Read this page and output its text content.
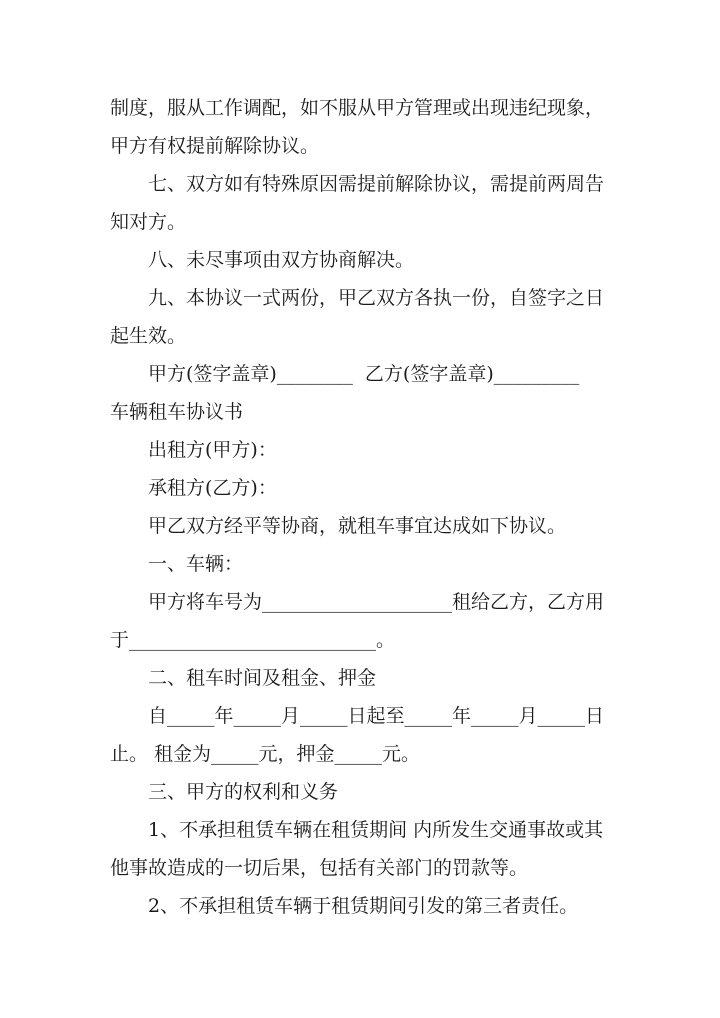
制度，服从工作调配，如不服从甲方管理或出现违纪现象，
甲方有权提前解除协议。
七、双方如有特殊原因需提前解除协议，需提前两周告
知对方。
八、未尽事项由双方协商解决。
九、本协议一式两份，甲乙双方各执一份，自签字之日
起生效。
甲方(签字盖章)________  乙方(签字盖章)_________
车辆租车协议书
出租方(甲方)：
承租方(乙方)：
甲乙双方经平等协商，就租车事宜达成如下协议。
一、车辆：
甲方将车号为____________________租给乙方，乙方用
于__________________________。
二、租车时间及租金、押金
自_____年_____月_____日起至_____年_____月_____日
止。 租金为_____元，押金_____元。
三、甲方的权利和义务
1、不承担租赁车辆在租赁期间 内所发生交通事故或其
他事故造成的一切后果，包括有关部门的罚款等。
2、不承担租赁车辆于租赁期间引发的第三者责任。
